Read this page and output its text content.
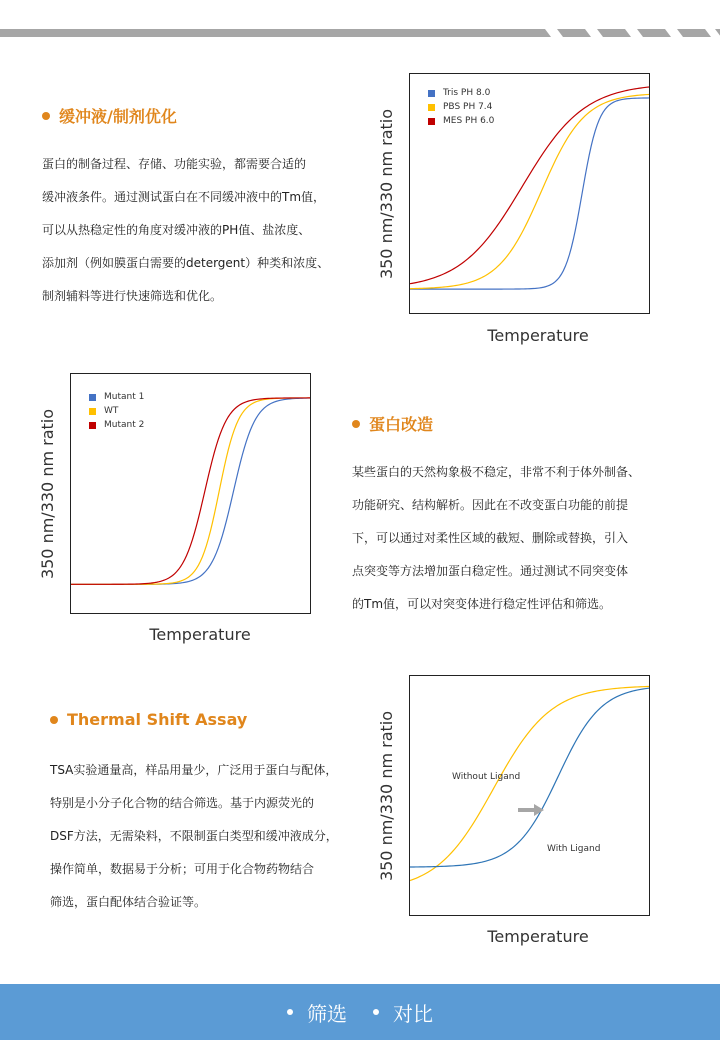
缓冲液/制剂优化
蛋白的制备过程、存储、功能实验，都需要合适的
缓冲液条件。通过测试蛋白在不同缓冲液中的Tm值，
可以从热稳定性的角度对缓冲液的PH值、盐浓度、
添加剂（例如膜蛋白需要的detergent）种类和浓度、
制剂辅料等进行快速筛选和优化。
350 nm/330 nm ratio
Tris PH 8.0
PBS PH 7.4
MES PH 6.0
Temperature
350 nm/330 nm ratio
Mutant 1
WT
Mutant 2
Temperature
蛋白改造
某些蛋白的天然构象极不稳定，非常不利于体外制备、
功能研究、结构解析。因此在不改变蛋白功能的前提
下，可以通过对柔性区域的截短、删除或替换，引入
点突变等方法增加蛋白稳定性。通过测试不同突变体
的Tm值，可以对突变体进行稳定性评估和筛选。
Thermal Shift Assay
TSA实验通量高，样品用量少，广泛用于蛋白与配体，
特别是小分子化合物的结合筛选。基于内源荧光的
DSF方法，无需染料，不限制蛋白类型和缓冲液成分，
操作简单，数据易于分析；可用于化合物药物结合
筛选，蛋白配体结合验证等。
350 nm/330 nm ratio	Without Ligand
With Ligand
Temperature
筛选 对比
